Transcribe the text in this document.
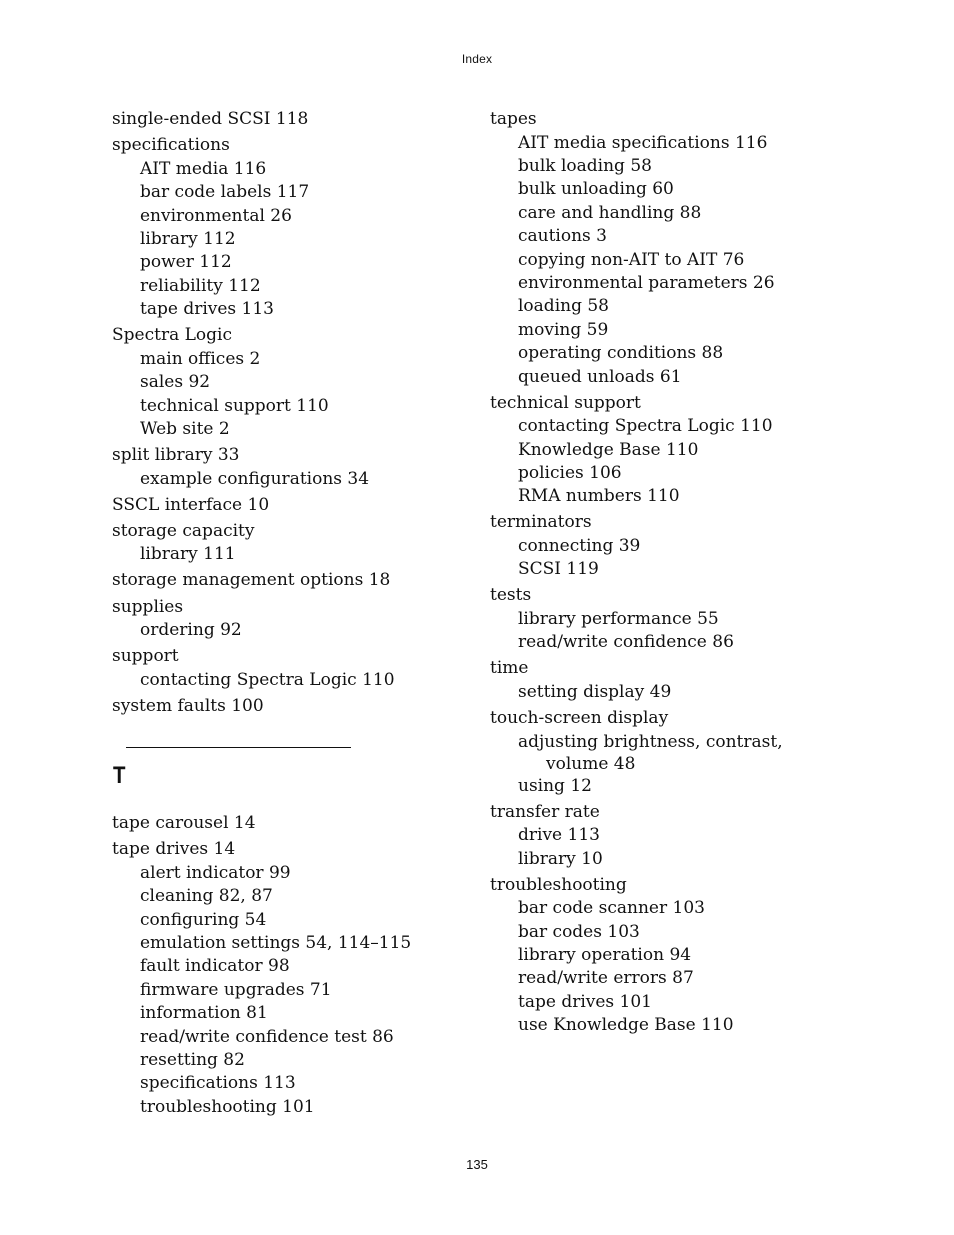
Index
single-ended SCSI 118
specifications
AIT media 116
bar code labels 117
environmental 26
library 112
power 112
reliability 112
tape drives 113
Spectra Logic
main offices 2
sales 92
technical support 110
Web site 2
split library 33
example configurations 34
SSCL interface 10
storage capacity
library 111
storage management options 18
supplies
ordering 92
support
contacting Spectra Logic 110
system faults 100
T
tape carousel 14
tape drives 14
alert indicator 99
cleaning 82, 87
configuring 54
emulation settings 54, 114–115
fault indicator 98
firmware upgrades 71
information 81
read/write confidence test 86
resetting 82
specifications 113
troubleshooting 101
tapes
AIT media specifications 116
bulk loading 58
bulk unloading 60
care and handling 88
cautions 3
copying non-AIT to AIT 76
environmental parameters 26
loading 58
moving 59
operating conditions 88
queued unloads 61
technical support
contacting Spectra Logic 110
Knowledge Base 110
policies 106
RMA numbers 110
terminators
connecting 39
SCSI 119
tests
library performance 55
read/write confidence 86
time
setting display 49
touch-screen display
adjusting brightness, contrast, volume 48
using 12
transfer rate
drive 113
library 10
troubleshooting
bar code scanner 103
bar codes 103
library operation 94
read/write errors 87
tape drives 101
use Knowledge Base 110
135
